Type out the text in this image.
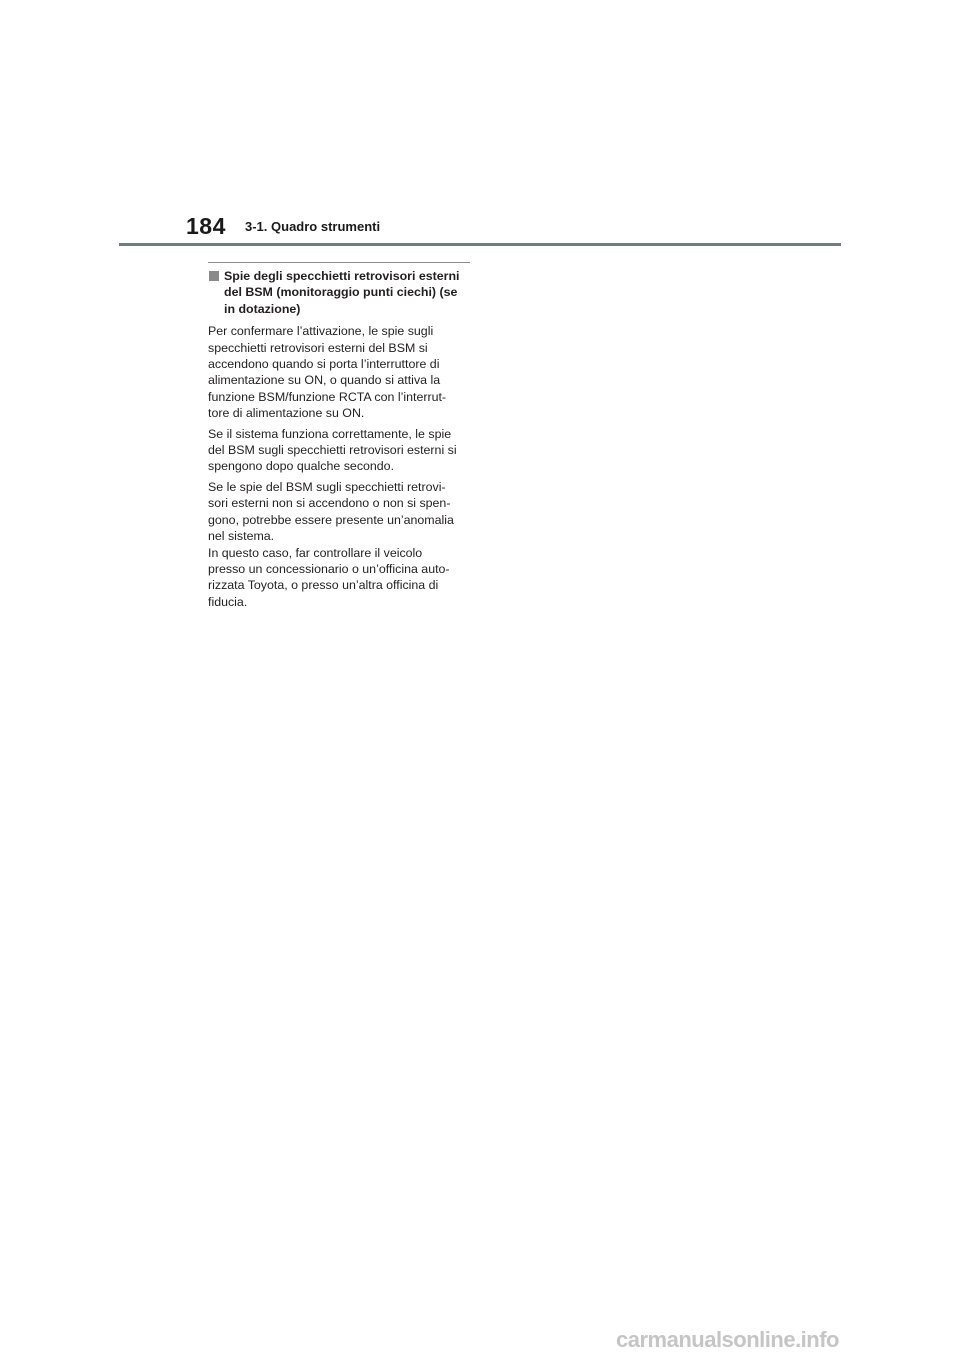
184 3-1. Quadro strumenti
Spie degli specchietti retrovisori esterni
del BSM (monitoraggio punti ciechi) (se
in dotazione)

Per confermare l’attivazione, le spie sugli
specchietti retrovisori esterni del BSM si
accendono quando si porta l’interruttore di
alimentazione su ON, o quando si attiva la
funzione BSM/funzione RCTA con l’interrut-
tore di alimentazione su ON.

Se il sistema funziona correttamente, le spie
del BSM sugli specchietti retrovisori esterni si
spengono dopo qualche secondo.

Se le spie del BSM sugli specchietti retrovi-
sori esterni non si accendono o non si spen-
gono, potrebbe essere presente un’anomalia
nel sistema.
In questo caso, far controllare il veicolo
presso un concessionario o un’officina auto-
rizzata Toyota, o presso un’altra officina di
fiducia.

carmanualsonline.info
